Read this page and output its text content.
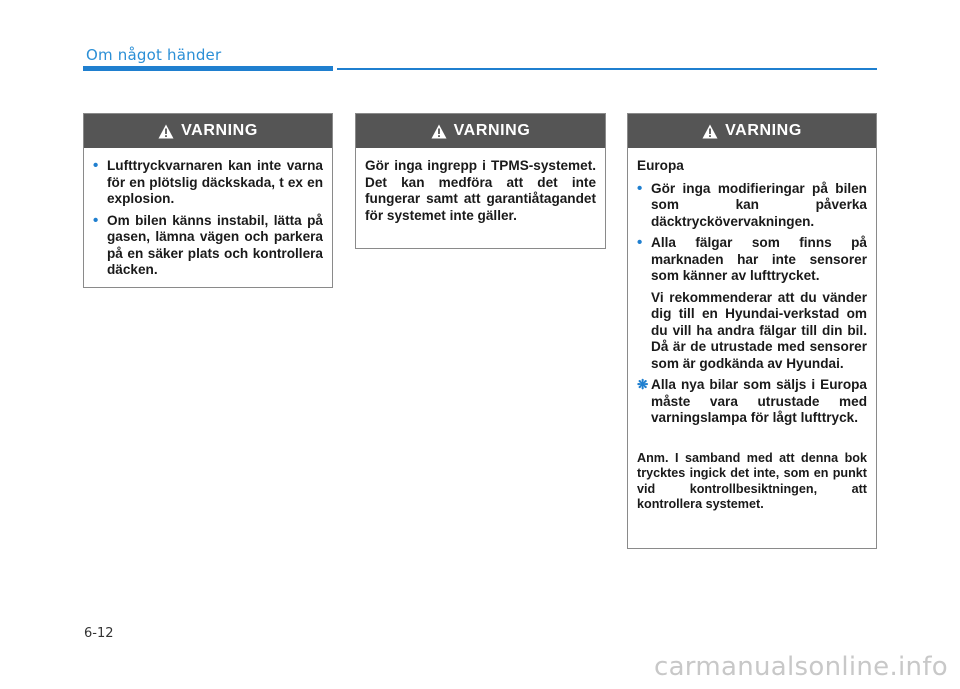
Om något händer
VARNING
• Lufttryckvarnaren kan inte varna för en plötslig däckskada, t ex en explosion.
• Om bilen känns instabil, lätta på gasen, lämna vägen och parkera på en säker plats och kontrollera däcken.
VARNING

Gör inga ingrepp i TPMS-systemet. Det kan medföra att det inte fungerar samt att garantiåtagandet för systemet inte gäller.

VARNING

Europa

• Gör inga modifieringar på bilen som kan påverka däcktryckövervakningen.
• Alla fälgar som finns på marknaden har inte sensorer som känner av lufttrycket.

Vi rekommenderar att du vänder dig till en Hyundai-verkstad om du vill ha andra fälgar till din bil. Då är de utrustade med sensorer som är godkända av Hyundai.

❋ Alla nya bilar som säljs i Europa måste vara utrustade med varningslampa för lågt lufttryck.

Anm. I samband med att denna bok trycktes ingick det inte, som en punkt vid kontrollbesiktningen, att kontrollera systemet.

6-12
carmanualsonline.info
